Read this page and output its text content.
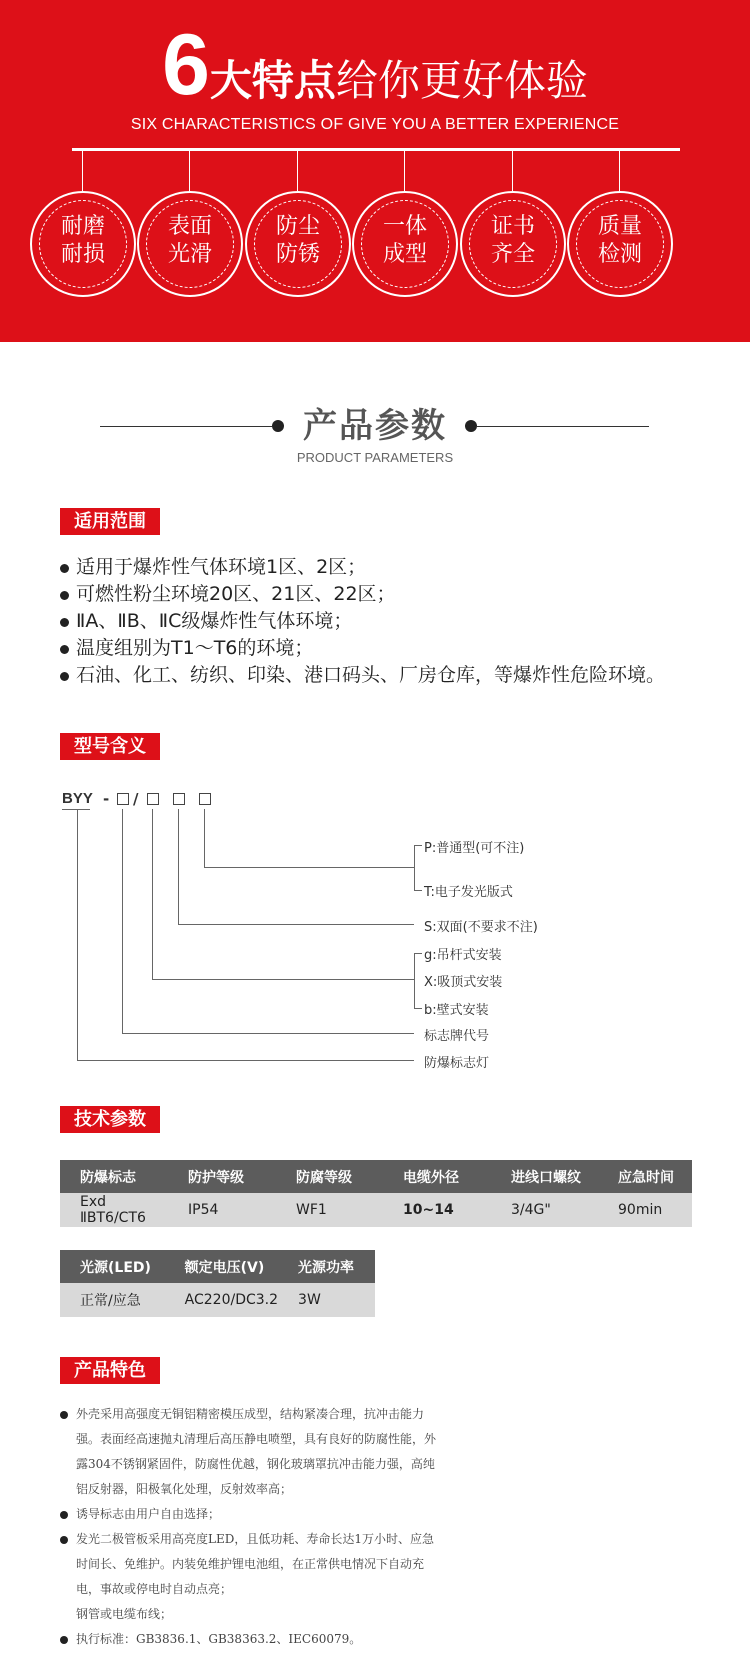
6大特点给你更好体验
SIX CHARACTERISTICS OF GIVE YOU A BETTER EXPERIENCE
耐磨
耐损
表面
光滑
防尘
防锈
一体
成型
证书
齐全
质量
检测
产品参数
PRODUCT PARAMETERS
适用范围
适用于爆炸性气体环境1区、2区；
可燃性粉尘环境20区、21区、22区；
ⅡA、ⅡB、ⅡC级爆炸性气体环境；
温度组别为T1～T6的环境；
石油、化工、纺织、印染、港口码头、厂房仓库，等爆炸性危险环境。
型号含义
BYY - /
P:普通型(可不注)
T:电子发光版式
S:双面(不要求不注)
g:吊杆式安装
X:吸顶式安装
b:壁式安装
标志牌代号
防爆标志灯
技术参数
防爆标志	防护等级	防腐等级	电缆外径	进线口螺纹	应急时间
Exd ⅡBT6/CT6	IP54	WF1	10~14	3/4G"	90min
光源(LED)	额定电压(V)	光源功率
正常/应急	AC220/DC3.2	3W
产品特色
外壳采用高强度无铜铝精密模压成型，结构紧凑合理，抗冲击能力强。表面经高速抛丸清理后高压静电喷塑，具有良好的防腐性能，外露304不锈钢紧固件，防腐性优越，钢化玻璃罩抗冲击能力强，高纯铝反射器，阳极氧化处理，反射效率高；
诱导标志由用户自由选择；
发光二极管板采用高亮度LED，且低功耗、寿命长达1万小时、应急时间长、免维护。内装免维护锂电池组，在正常供电情况下自动充电，事故或停电时自动点亮；
钢管或电缆布线；
执行标准：GB3836.1、GB38363.2、IEC60079。
